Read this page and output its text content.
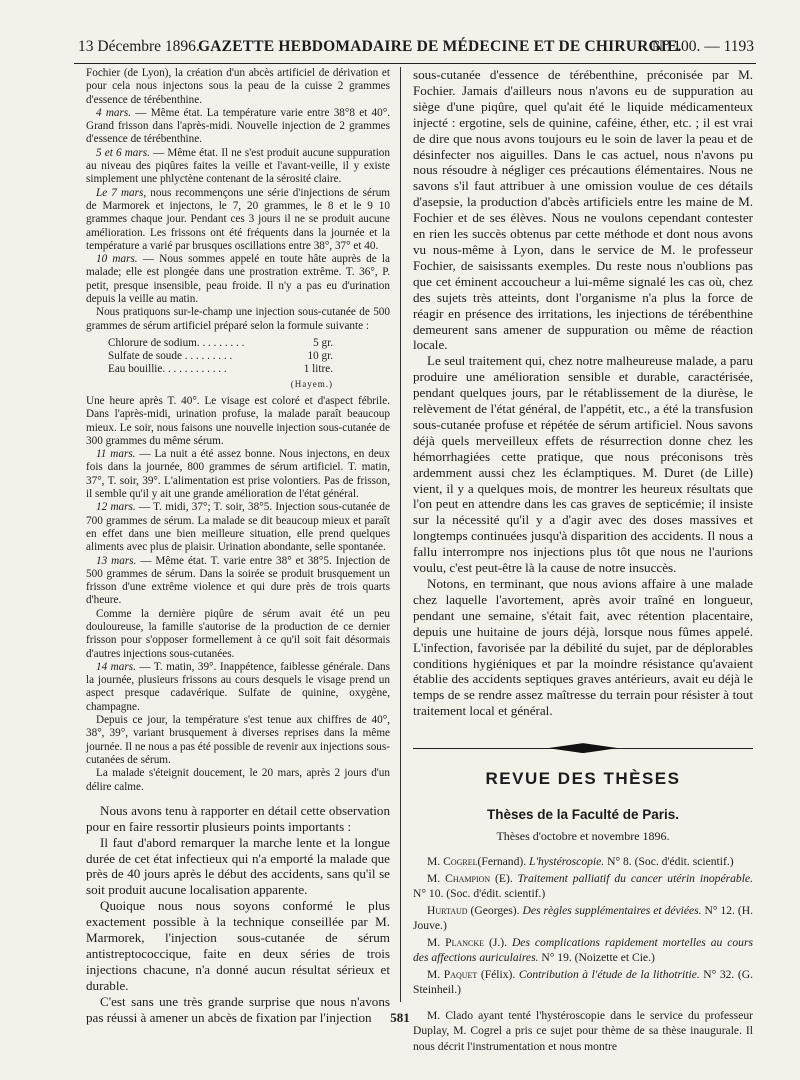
13 Décembre 1896.
GAZETTE HEBDOMADAIRE DE MÉDECINE ET DE CHIRURGIE.
N° 100. — 1193

Fochier (de Lyon), la création d'un abcès artificiel de dérivation et pour cela nous injectons sous la peau de la cuisse 2 grammes d'essence de térébenthine.

4 mars. — Même état. La température varie entre 38°8 et 40°. Grand frisson dans l'après-midi. Nouvelle injection de 2 grammes d'essence de térébenthine.

5 et 6 mars. — Même état. Il ne s'est produit aucune suppuration au niveau des piqûres faites la veille et l'avant-veille, il y existe simplement une phlyctène contenant de la sérosité claire.

Le 7 mars, nous recommençons une série d'injections de sérum de Marmorek et injectons, le 7, 20 grammes, le 8 et le 9 10 grammes chaque jour. Pendant ces 3 jours il ne se produit aucune amélioration. Les frissons ont été fréquents dans la journée et la température a varié par brusques oscillations entre 38°, 37° et 40.

10 mars. — Nous sommes appelé en toute hâte auprès de la malade; elle est plongée dans une prostration extrême. T. 36°, P. petit, presque insensible, peau froide. Il n'y a pas eu d'urination depuis la veille au matin.

Nous pratiquons sur-le-champ une injection sous-cutanée de 500 grammes de sérum artificiel préparé selon la formule suivante :

Chlorure de sodium. . . . . . . . .	5 gr.
Sulfate de soude . . . . . . . . .	10 gr.
Eau bouillie. . . . . . . . . . . .	1 litre.
(Hayem.)

Une heure après T. 40°. Le visage est coloré et d'aspect fébrile. Dans l'après-midi, urination profuse, la malade paraît beaucoup mieux. Le soir, nous faisons une nouvelle injection sous-cutanée de 300 grammes du même sérum.

11 mars. — La nuit a été assez bonne. Nous injectons, en deux fois dans la journée, 800 grammes de sérum artificiel. T. matin, 37°, T. soir, 39°. L'alimentation est prise volontiers. Pas de frisson, il semble qu'il y ait une grande amélioration de l'état général.

12 mars. — T. midi, 37°; T. soir, 38°5. Injection sous-cutanée de 700 grammes de sérum. La malade se dit beaucoup mieux et paraît en effet dans une bien meilleure situation, elle prend quelques aliments avec plus de plaisir. Urination abondante, selle spontanée.

13 mars. — Même état. T. varie entre 38° et 38°5. Injection de 500 grammes de sérum. Dans la soirée se produit brusquement un frisson d'une extrême violence et qui dure près de trois quarts d'heure.

Comme la dernière piqûre de sérum avait été un peu douloureuse, la famille s'autorise de la production de ce dernier frisson pour s'opposer formellement à ce qu'il soit fait désormais d'autres injections sous-cutanées.

14 mars. — T. matin, 39°. Inappétence, faiblesse générale. Dans la journée, plusieurs frissons au cours desquels le visage prend un aspect presque cadavérique. Sulfate de quinine, oxygène, champagne.

Depuis ce jour, la température s'est tenue aux chiffres de 40°, 38°, 39°, variant brusquement à diverses reprises dans la même journée. Il ne nous a pas été possible de revenir aux injections sous-cutanées de sérum.

La malade s'éteignit doucement, le 20 mars, après 2 jours d'un délire calme.

Nous avons tenu à rapporter en détail cette observation pour en faire ressortir plusieurs points importants :

Il faut d'abord remarquer la marche lente et la longue durée de cet état infectieux qui n'a emporté la malade que près de 40 jours après le début des accidents, sans qu'il se soit produit aucune localisation apparente.

Quoique nous nous soyons conformé le plus exactement possible à la technique conseillée par M. Marmorek, l'injection sous-cutanée de sérum antistreptococcique, faite en deux séries de trois injections chacune, n'a donné aucun résultat sérieux et durable.

C'est sans une très grande surprise que nous n'avons pas réussi à amener un abcès de fixation par l'injection

sous-cutanée d'essence de térébenthine, préconisée par M. Fochier. Jamais d'ailleurs nous n'avons eu de suppuration au siège d'une piqûre, quel qu'ait été le liquide médicamenteux injecté : ergotine, sels de quinine, caféine, éther, etc. ; il est vrai de dire que nous avons toujours eu le soin de laver la peau et de désinfecter nos aiguilles. Dans le cas actuel, nous n'avons pu nous résoudre à négliger ces précautions élémentaires. Nous ne savons s'il faut attribuer à une omission voulue de ces détails d'asepsie, la production d'abcès artificiels entre les maine de M. Fochier et de ses élèves. Nous ne voulons cependant contester en rien les succès obtenus par cette méthode et dont nous avons vu nous-même à Lyon, dans le service de M. le professeur Fochier, de saisissants exemples. Du reste nous n'oublions pas que cet éminent accoucheur a lui-même signalé les cas où, chez des sujets très atteints, dont l'organisme n'a plus la force de réagir en présence des irritations, les injections de térébenthine demeurent sans amener de suppuration ou même de réaction locale.

Le seul traitement qui, chez notre malheureuse malade, a paru produire une amélioration sensible et durable, caractérisée, pendant quelques jours, par le rétablissement de la diurèse, le relèvement de l'état général, de l'appétit, etc., a été la transfusion sous-cutanée profuse et répétée de sérum artificiel. Nous savons déjà quels merveilleux effets de résurrection donne chez les hémorrhagiées cette pratique, que nous préconisons très ardemment aussi chez les éclamptiques. M. Duret (de Lille) vient, il y a quelques mois, de montrer les heureux résultats que l'on peut en attendre dans les cas graves de septicémie; il insiste sur la nécessité qu'il y a d'agir avec des doses massives et longtemps continuées jusqu'à disparition des accidents. Il nous a fallu interrompre nos injections plus tôt que nous ne l'aurions voulu, c'est peut-être là la cause de notre insuccès.

Notons, en terminant, que nous avions affaire à une malade chez laquelle l'avortement, après avoir traîné en longueur, pendant une semaine, s'était fait, avec rétention placentaire, depuis une huitaine de jours déjà, lorsque nous fûmes appelé. L'infection, favorisée par la débilité du sujet, par de déplorables conditions hygiéniques et par la moindre résistance qu'avaient établie des accidents septiques graves antérieurs, avait eu déjà le temps de se rendre assez maîtresse du terrain pour résister à tout traitement local et général.

REVUE DES THÈSES
Thèses de la Faculté de Paris.
Thèses d'octobre et novembre 1896.

M. Cogrel(Fernand). L'hystéroscopie. N° 8. (Soc. d'édit. scientif.)

M. Champion (E). Traitement palliatif du cancer utérin inopérable. N° 10. (Soc. d'édit. scientif.)

Hurtaud (Georges). Des règles supplémentaires et déviées. N° 12. (H. Jouve.)

M. Plancke (J.). Des complications rapidement mortelles au cours des affections auriculaires. N° 19. (Noizette et Cie.)

M. Paquet (Félix). Contribution à l'étude de la lithotritie. N° 32. (G. Steinheil.)

M. Clado ayant tenté l'hystéroscopie dans le service du professeur Duplay, M. Cogrel a pris ce sujet pour thème de sa thèse inaugurale. Il nous décrit l'instrumentation et nous montre

581
